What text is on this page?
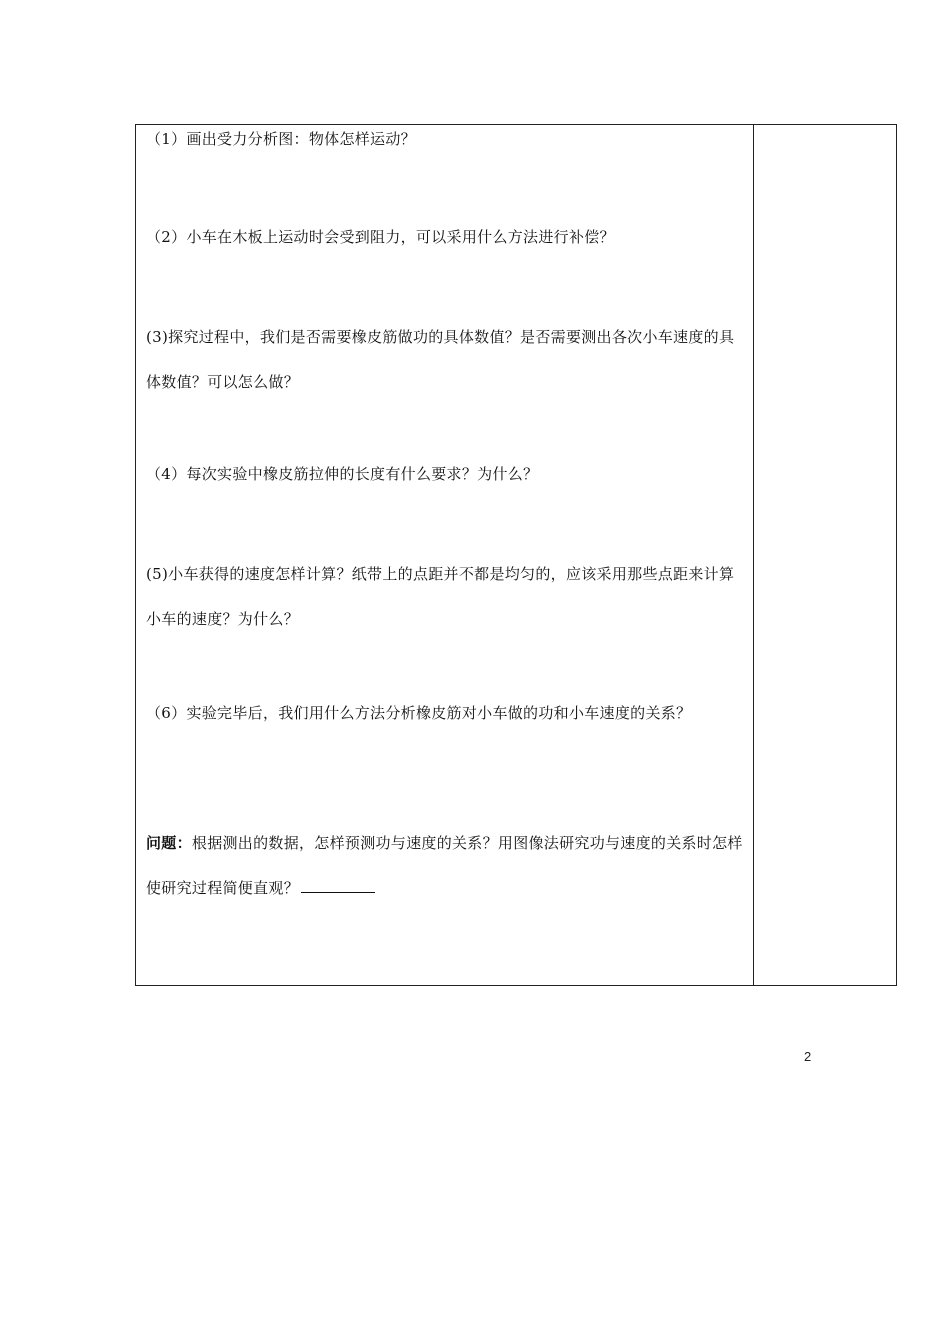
（1）画出受力分析图：物体怎样运动？

（2）小车在木板上运动时会受到阻力，可以采用什么方法进行补偿？

(3)探究过程中，我们是否需要橡皮筋做功的具体数值？是否需要测出各次小车速度的具体数值？可以怎么做？

（4）每次实验中橡皮筋拉伸的长度有什么要求？为什么？

(5)小车获得的速度怎样计算？纸带上的点距并不都是均匀的，应该采用那些点距来计算小车的速度？为什么？

（6）实验完毕后，我们用什么方法分析橡皮筋对小车做的功和小车速度的关系？

问题：根据测出的数据，怎样预测功与速度的关系？用图像法研究功与速度的关系时怎样使研究过程简便直观？

2
